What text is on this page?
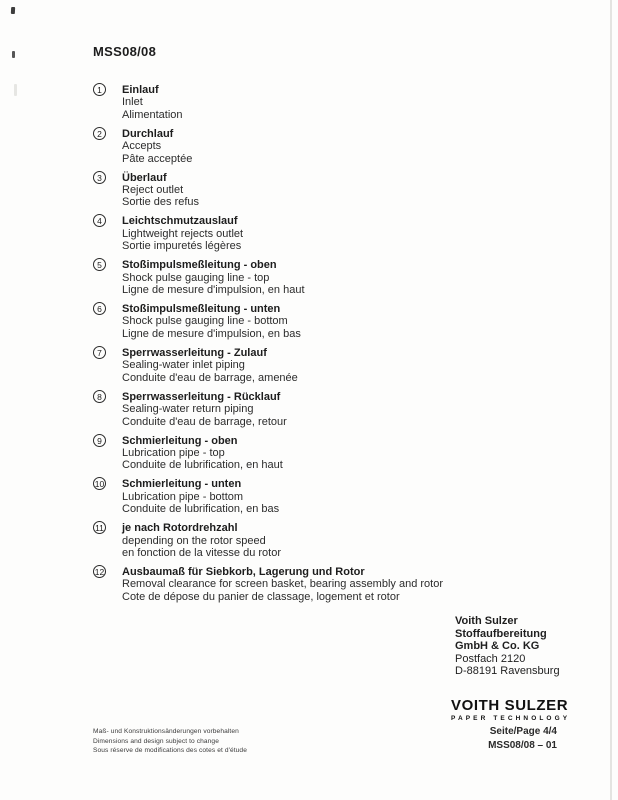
MSS08/08
1	Einlauf
Inlet
Alimentation
2	Durchlauf
Accepts
Pâte acceptée
3	Überlauf
Reject outlet
Sortie des refus
4	Leichtschmutzauslauf
Lightweight rejects outlet
Sortie impuretés légères
5	Stoßimpulsmeßleitung - oben
Shock pulse gauging line - top
Ligne de mesure d'impulsion, en haut
6	Stoßimpulsmeßleitung - unten
Shock pulse gauging line - bottom
Ligne de mesure d'impulsion, en bas
7	Sperrwasserleitung - Zulauf
Sealing-water inlet piping
Conduite d'eau de barrage, amenée
8	Sperrwasserleitung - Rücklauf
Sealing-water return piping
Conduite d'eau de barrage, retour
9	Schmierleitung - oben
Lubrication pipe - top
Conduite de lubrification, en haut
10 Schmierleitung - unten
Lubrication pipe - bottom
Conduite de lubrification, en bas
11 je nach Rotordrehzahl
depending on the rotor speed
en fonction de la vitesse du rotor
12 Ausbaumaß für Siebkorb, Lagerung und Rotor
Removal clearance for screen basket, bearing assembly and rotor
Cote de dépose du panier de classage, logement et rotor
Voith Sulzer
Stoffaufbereitung
GmbH & Co. KG
Postfach 2120
D-88191 Ravensburg
VOITH SULZER
PAPER TECHNOLOGY
Seite/Page 4/4
MSS08/08 – 01
Maß- und Konstruktionsänderungen vorbehalten
Dimensions and design subject to change
Sous réserve de modifications des cotes et d'étude
